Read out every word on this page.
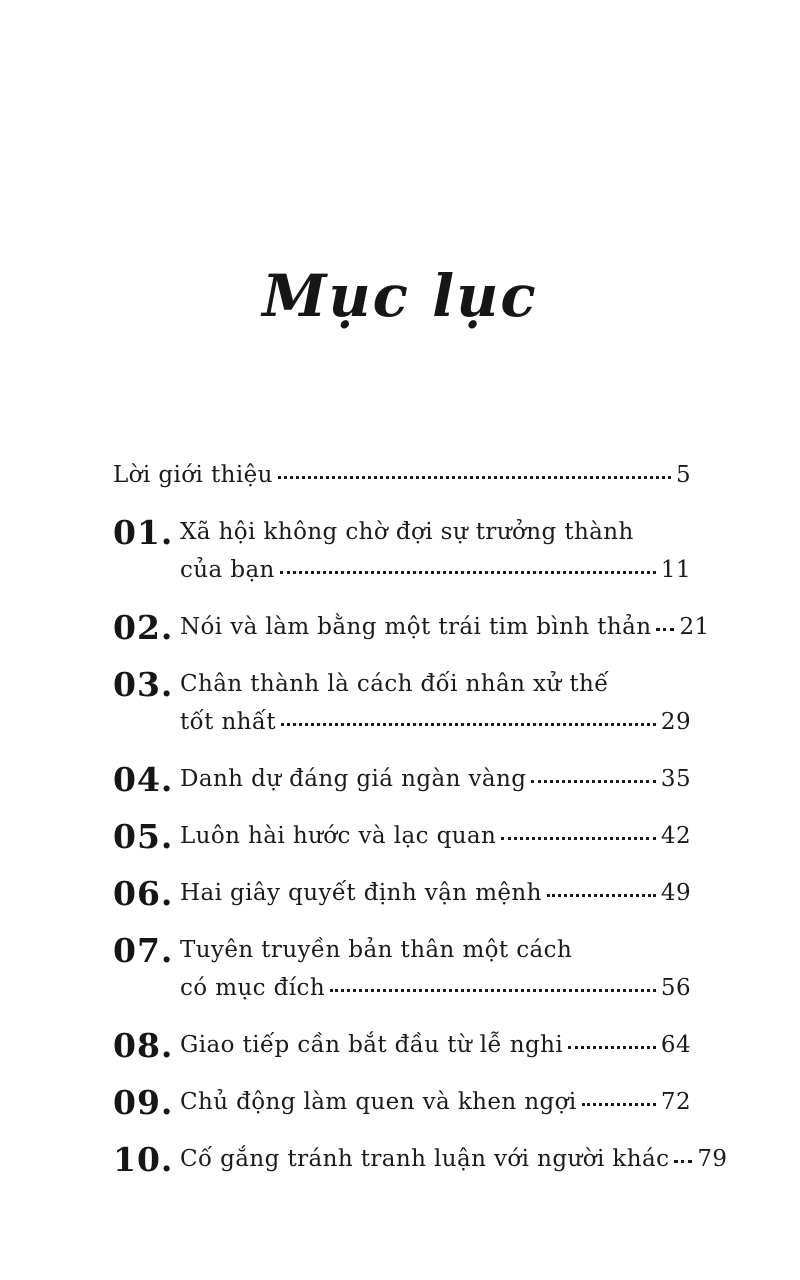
Mục lục
Lời giới thiệu	5
01. Xã hội không chờ đợi sự trưởng thành
của bạn	11
02. Nói và làm bằng một trái tim bình thản 21
03. Chân thành là cách đối nhân xử thế
tốt nhất	29
04. Danh dự đáng giá ngàn vàng	35
05. Luôn hài hước và lạc quan	42
06. Hai giây quyết định vận mệnh	49
07. Tuyên truyền bản thân một cách
có mục đích	56
08. Giao tiếp cần bắt đầu từ lễ nghi	64
09. Chủ động làm quen và khen ngợi	72
10. Cố gắng tránh tranh luận với người khác 79
